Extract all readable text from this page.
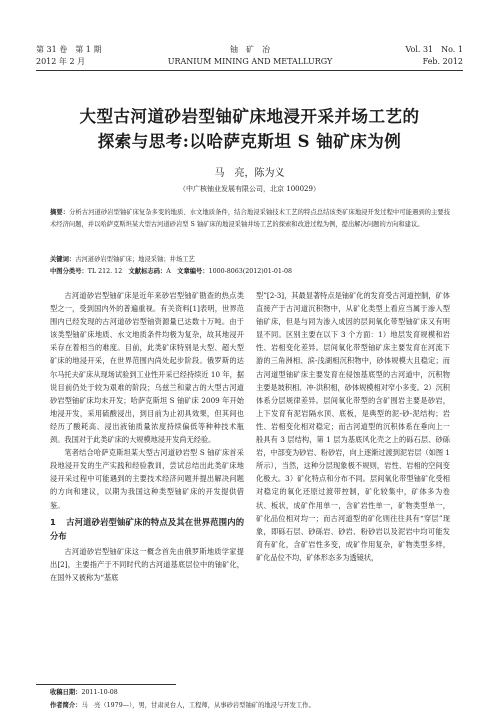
第 31 卷　第 1 期
2012 年 2 月
铀　矿　冶
URANIUM MINING AND METALLURGY
Vol. 31　No. 1
Feb. 2012
大型古河道砂岩型铀矿床地浸开采并场工艺的
探索与思考:以哈萨克斯坦 S 铀矿床为例
马　亮，陈为义
（中广核铀业发展有限公司，北京 100029）
摘要：分析古河道砂岩型铀矿床复杂多变的地质、水文地质条件，结合地浸采铀技术工艺的特点总结该类矿床地浸开发过程中可能遇到的主要技术经济问题，并以哈萨克斯坦某大型古河道砂岩型 S 铀矿床的地浸采铀井场工艺的探索和改进过程为例，提出解决问题的方向和建议。
关键词：古河道砂岩型铀矿床；地浸采铀；井场工艺
中图分类号：TL 212. 12  文献标志码：A  文章编号：1000-8063(2012)01-01-08

古河道砂岩型铀矿床是近年来砂岩型铀矿勘查的热点类型之一，受到国内外的普遍重视。有关资料[1]表明，世界范围内已经发现的古河道砂岩型铀资源量已达数十万吨。由于该类型铀矿床地质、水文地质条件均极为复杂，故其地浸开采存在着相当的难度。目前，此类矿床特别是大型、超大型矿床的地浸开采，在世界范围内尚处起步阶段。俄罗斯的达尔马托夫矿床从现场试验到工业性开采已经持续近 10 年，据说目前仍处于较为艰难的阶段；乌兹兰和蒙古的大型古河道砂岩型铀矿床均未开发；哈萨克斯坦 S 铀矿床 2009 年开始地浸开发，采用硫酸浸出，到目前为止初具效果，但其间也经历了酸耗高、浸出液铀质量浓度持续偏低等种种技术瓶颈。我国对于此类矿床的大规模地浸开发尚无经验。

笔者结合哈萨克斯坦某大型古河道砂岩型 S 铀矿床首采段地浸开发的生产实践和经验教训，尝试总结出此类矿床地浸开采过程中可能遇到的主要技术经济问题并提出解决问题的方向和建议，以期为我国这种类型铀矿床的开发提供借鉴。

1 古河道砂岩型铀矿床的特点及其在世界范围内的分布

古河道砂岩型铀矿床这一概念首先由俄罗斯地质学家提出[2]，主要指产于不同时代的古河道基底层位中的铀矿化，在国外又被称为“基底

型”[2-3]，其最显著特点是铀矿化的发育受古河道控制，矿体直接产于古河道沉积物中，从矿化类型上看应当属于渗入型铀矿床，但是与同为渗入成因的层间氧化带型铀矿床又有明显不同。区别主要在以下 3 个方面：1）地层发育规模和岩性、岩相变化差异。层间氧化带型铀矿床主要发育在河流下游的三角洲相、滨-浅湖相沉积物中，砂体规模大且稳定；而古河道型铀矿床主要发育在侵蚀基底型的古河道中，沉积物主要是坡积相、冲-洪积相，砂体规模相对窄小多变。2）沉积体系分层规律差异。层间氧化带型的含矿围岩主要是砂岩，上下发育有泥岩隔水顶、底板，是典型的泥-砂-泥结构；岩性、岩相变化相对稳定；而古河道型的沉积体系在垂向上一般具有 3 层结构，第 1 层为基底风化壳之上的砾石层、砂砾岩，中部变为砂岩、粉砂岩，向上逐渐过渡到泥岩层（如图 1 所示），当然，这种分层现象极不规则，岩性、岩相的空间变化极大。3）矿化特点和分布不同。层间氧化带型铀矿化受相对稳定的氧化还原过渡带控制，矿化较集中，矿体多为卷状、板状，成矿作用单一，含矿岩性单一，矿物类型单一，矿化品位相对均一；而古河道型的矿化则往往具有“穿层”现象，即砾石层、砂砾岩、砂岩、粉砂岩以及泥岩中均可能发育有矿化，含矿岩性多变，成矿作用复杂，矿物类型多样，矿化品位不均，矿体形态多为透镜状，

收稿日期：2011-10-08
作者简介：马　亮（1979—），男，甘肃灵台人，工程师，从事砂岩型铀矿的地浸与开发工作。
